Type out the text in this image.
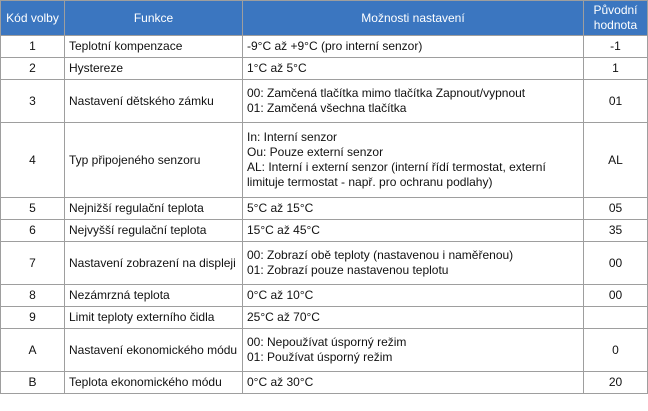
Kód volby	Funkce	Možnosti nastavení	Původní hodnota
1	Teplotní kompenzace	-9°C až +9°C (pro interní senzor)	-1
2	Hystereze	1°C až 5°C	1
3	Nastavení dětského zámku	00: Zamčená tlačítka mimo tlačítka Zapnout/vypnout
01: Zamčená všechna tlačítka	01
4	Typ připojeného senzoru	In: Interní senzor
Ou: Pouze externí senzor
AL: Interní i externí senzor (interní řídí termostat, externí limituje termostat - např. pro ochranu podlahy)	AL
5	Nejnižší regulační teplota	5°C až 15°C	05
6	Nejvyšší regulační teplota	15°C až 45°C	35
7	Nastavení zobrazení na displeji	00: Zobrazí obě teploty (nastavenou i naměřenou)
01: Zobrazí pouze nastavenou teplotu	00
8	Nezámrzná teplota	0°C až 10°C	00
9	Limit teploty externího čidla	25°C až 70°C	
A	Nastavení ekonomického módu	00: Nepoužívat úsporný režim
01: Používat úsporný režim	0
B	Teplota ekonomického módu	0°C až 30°C	20
